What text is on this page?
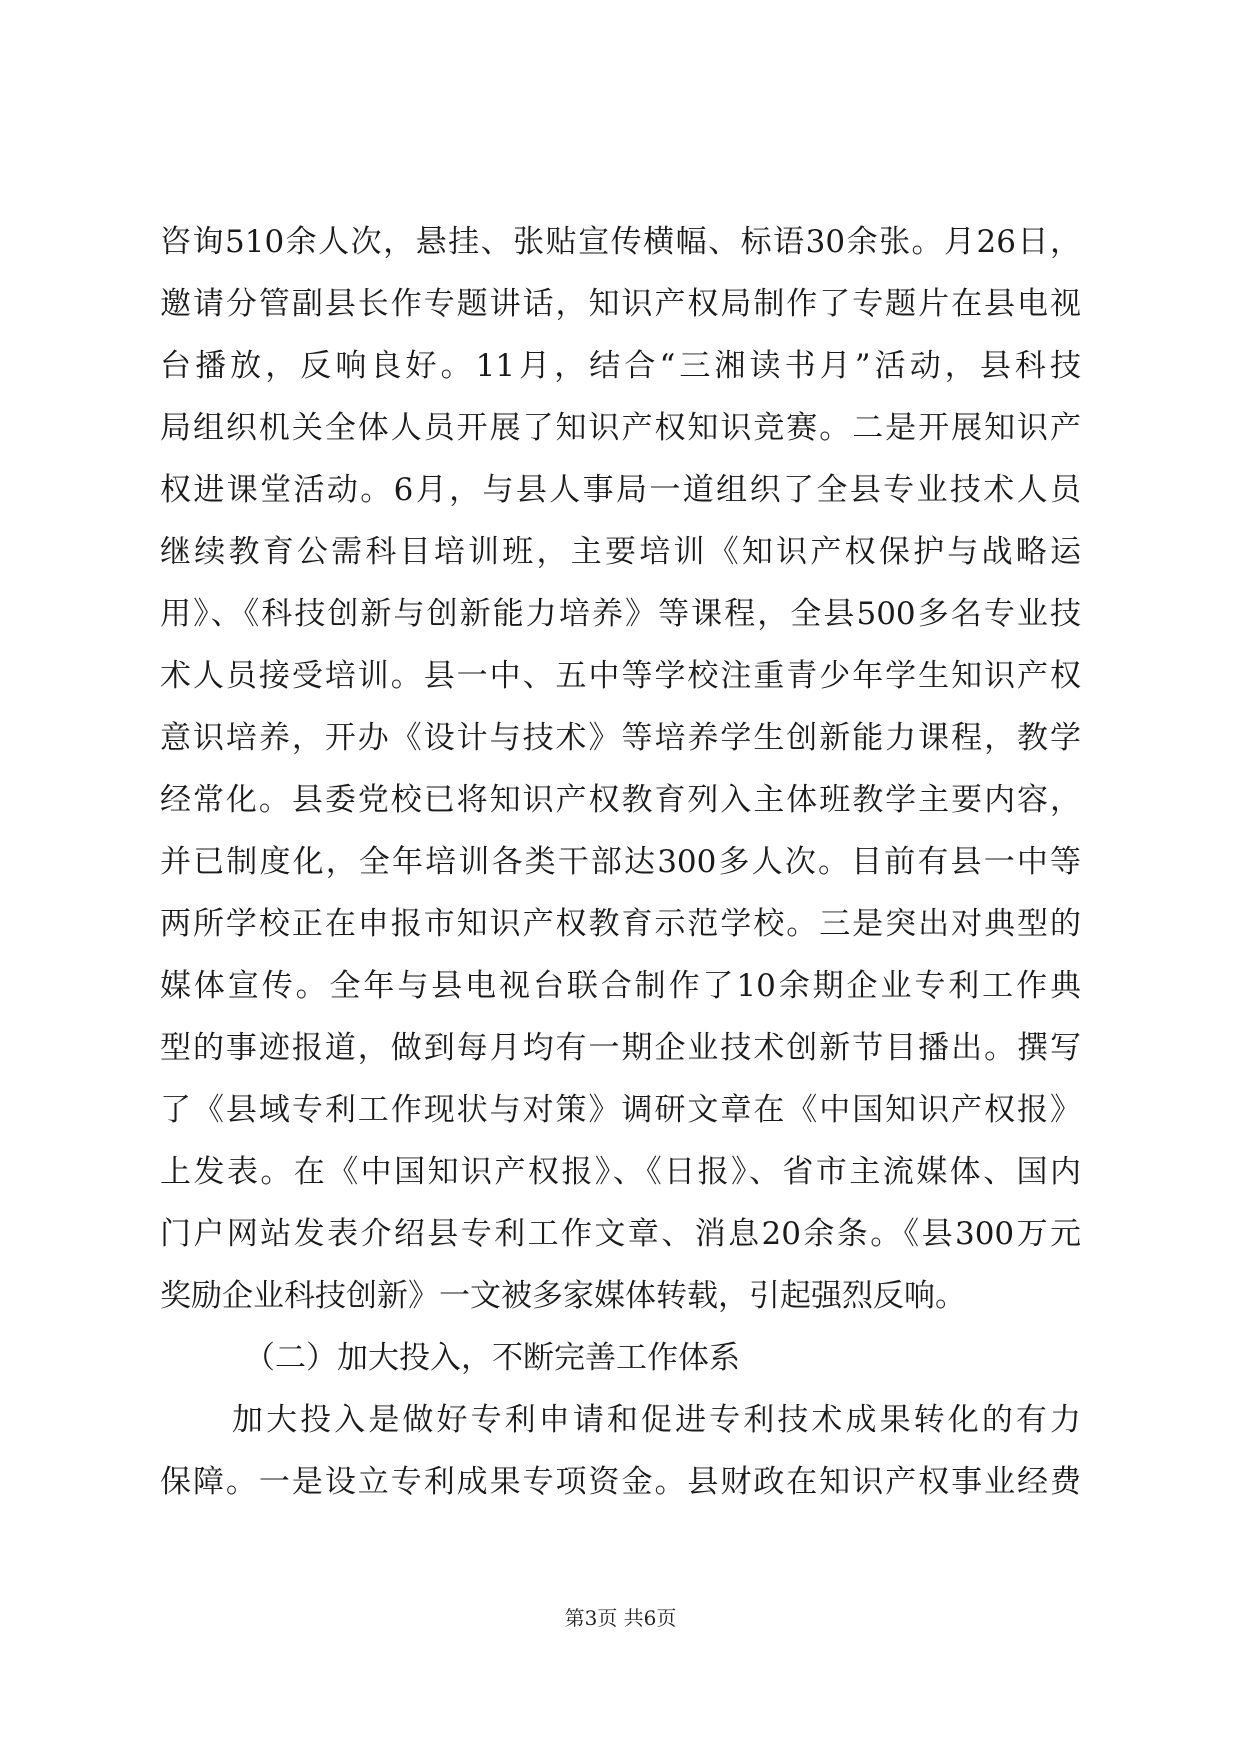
咨询510余人次，悬挂、张贴宣传横幅、标语30余张。月26日，
邀请分管副县长作专题讲话，知识产权局制作了专题片在县电视
台播放，反响良好。11月，结合“三湘读书月”活动，县科技
局组织机关全体人员开展了知识产权知识竞赛。二是开展知识产
权进课堂活动。6月，与县人事局一道组织了全县专业技术人员
继续教育公需科目培训班，主要培训《知识产权保护与战略运
用》、《科技创新与创新能力培养》等课程，全县500多名专业技
术人员接受培训。县一中、五中等学校注重青少年学生知识产权
意识培养，开办《设计与技术》等培养学生创新能力课程，教学
经常化。县委党校已将知识产权教育列入主体班教学主要内容，
并已制度化，全年培训各类干部达300多人次。目前有县一中等
两所学校正在申报市知识产权教育示范学校。三是突出对典型的
媒体宣传。全年与县电视台联合制作了10余期企业专利工作典
型的事迹报道，做到每月均有一期企业技术创新节目播出。撰写
了《县域专利工作现状与对策》调研文章在《中国知识产权报》
上发表。在《中国知识产权报》、《日报》、省市主流媒体、国内
门户网站发表介绍县专利工作文章、消息20余条。《县300万元
奖励企业科技创新》一文被多家媒体转载，引起强烈反响。
（二）加大投入，不断完善工作体系
加大投入是做好专利申请和促进专利技术成果转化的有力
保障。一是设立专利成果专项资金。县财政在知识产权事业经费
第3页 共6页
